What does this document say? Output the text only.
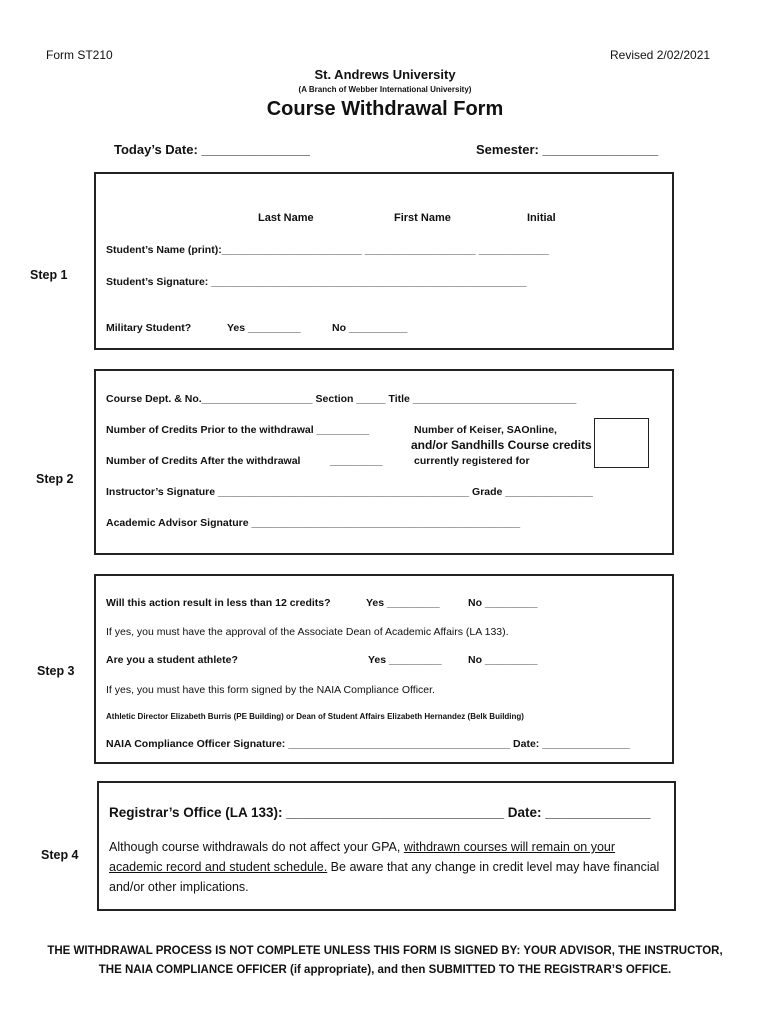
Form ST210	Revised 2/02/2021
St. Andrews University
(A Branch of Webber International University)
Course Withdrawal Form
Today’s Date: _______________	Semester: ________________
Step 1
Last Name	First Name	Initial
Student’s Name (print):________________________ ___________________ ____________
Student’s Signature: ______________________________________________________
Military Student?	Yes _________	No __________
Step 2
Course Dept. & No.___________________ Section _____ Title ____________________________
Number of Credits Prior to the withdrawal _________
Number of Credits After the withdrawal	_________
Number of Keiser, SAOnline,
and/or Sandhills Course credits
currently registered for
Instructor’s Signature ___________________________________________ Grade _______________
Academic Advisor Signature ______________________________________________
Step 3
Will this action result in less than 12 credits?	Yes _________	No _________
If yes, you must have the approval of the Associate Dean of Academic Affairs (LA 133).
Are you a student athlete?	Yes _________	No _________
If yes, you must have this form signed by the NAIA Compliance Officer.
Athletic Director Elizabeth Burris (PE Building) or Dean of Student Affairs Elizabeth Hernandez (Belk Building)
NAIA Compliance Officer Signature: ______________________________________ Date: _______________
Step 4
Registrar’s Office (LA 133): _____________________________ Date: ______________
Although course withdrawals do not affect your GPA, withdrawn courses will remain on your academic record and student schedule. Be aware that any change in credit level may have financial and/or other implications.
THE WITHDRAWAL PROCESS IS NOT COMPLETE UNLESS THIS FORM IS SIGNED BY: YOUR ADVISOR, THE INSTRUCTOR,
THE NAIA COMPLIANCE OFFICER (if appropriate), and then SUBMITTED TO THE REGISTRAR’S OFFICE.
